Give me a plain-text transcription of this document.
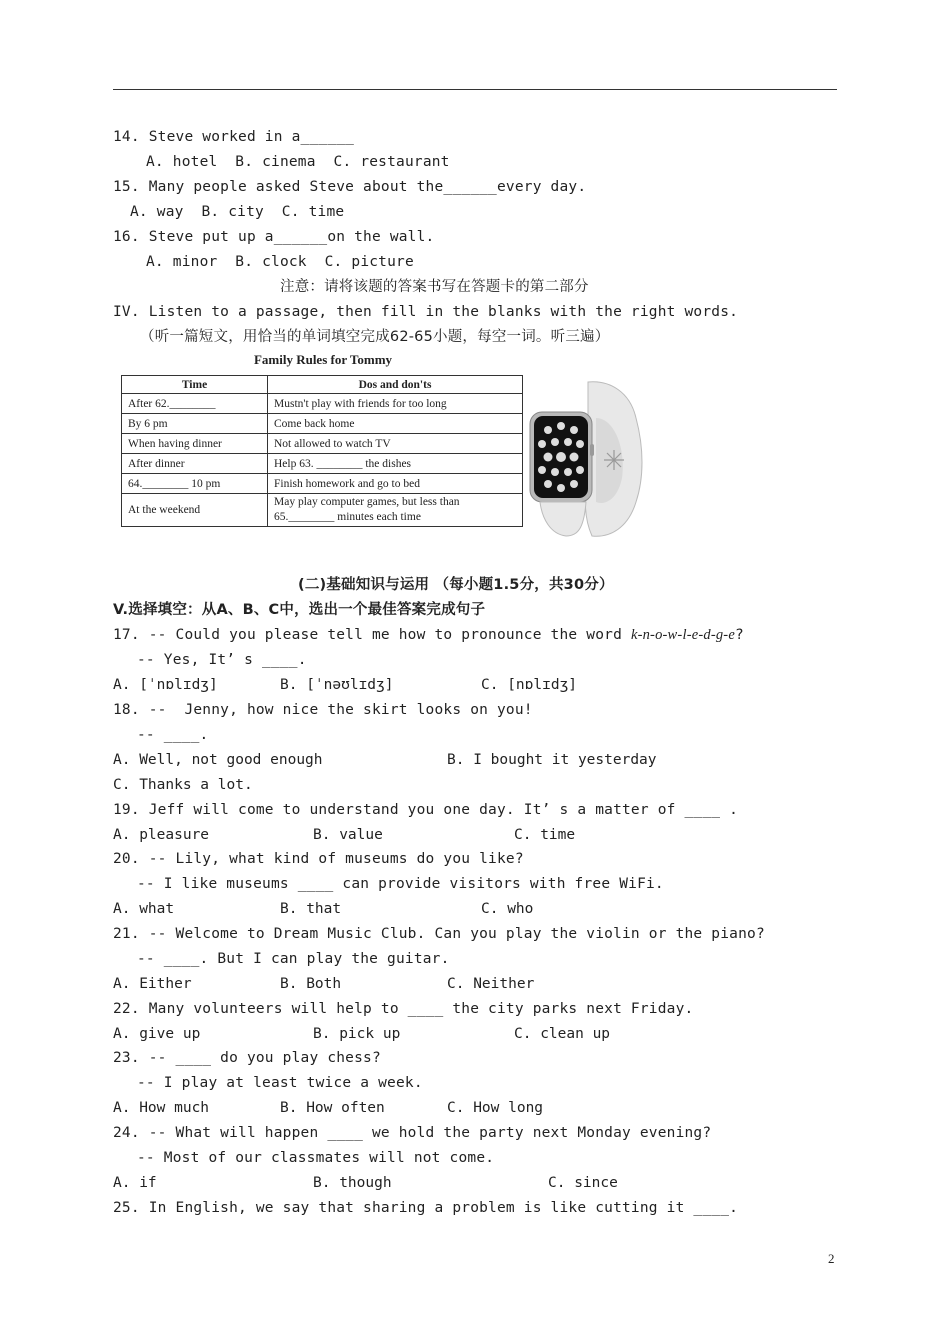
14. Steve worked in a______
A. hotel  B. cinema  C. restaurant
15. Many people asked Steve about the______every day.
A. way  B. city  C. time
16. Steve put up a______on the wall.
A. minor  B. clock  C. picture
注意：请将该题的答案书写在答题卡的第二部分
IV. Listen to a passage, then fill in the blanks with the right words.
（听一篇短文，用恰当的单词填空完成62-65小题，每空一词。听三遍）
Family Rules for Tommy
Time	Dos and don'ts
After 62.________	Mustn't play with friends for too long
By 6 pm	Come back home
When having dinner	Not allowed to watch TV
After dinner	Help 63. ________ the dishes
64.________ 10 pm	Finish homework and go to bed
At the weekend	May play computer games, but less than 65.________ minutes each time
(二)基础知识与运用 （每小题1.5分，共30分）
V.选择填空：从A、B、C中，选出一个最佳答案完成句子
17. -- Could you please tell me how to pronounce the word k-n-o-w-l-e-d-g-e?
-- Yes, It’ s ____.
A. [ˈnɒlɪdʒ]	B. [ˈnəʊlɪdʒ]	C. [nɒlɪdʒ]
18. --  Jenny, how nice the skirt looks on you!
-- ____.
A. Well, not good enough	B. I bought it yesterday
C. Thanks a lot.
19. Jeff will come to understand you one day. It’ s a matter of ____ .
A. pleasure	B. value	C. time
20. -- Lily, what kind of museums do you like?
-- I like museums ____ can provide visitors with free WiFi.
A. what	B. that	C. who
21. -- Welcome to Dream Music Club. Can you play the violin or the piano?
-- ____. But I can play the guitar.
A. Either	B. Both	C. Neither
22. Many volunteers will help to ____ the city parks next Friday.
A. give up	B. pick up	C. clean up
23. -- ____ do you play chess?
-- I play at least twice a week.
A. How much	B. How often	C. How long
24. -- What will happen ____ we hold the party next Monday evening?
-- Most of our classmates will not come.
A. if	B. though	C. since
25. In English, we say that sharing a problem is like cutting it ____.
2
